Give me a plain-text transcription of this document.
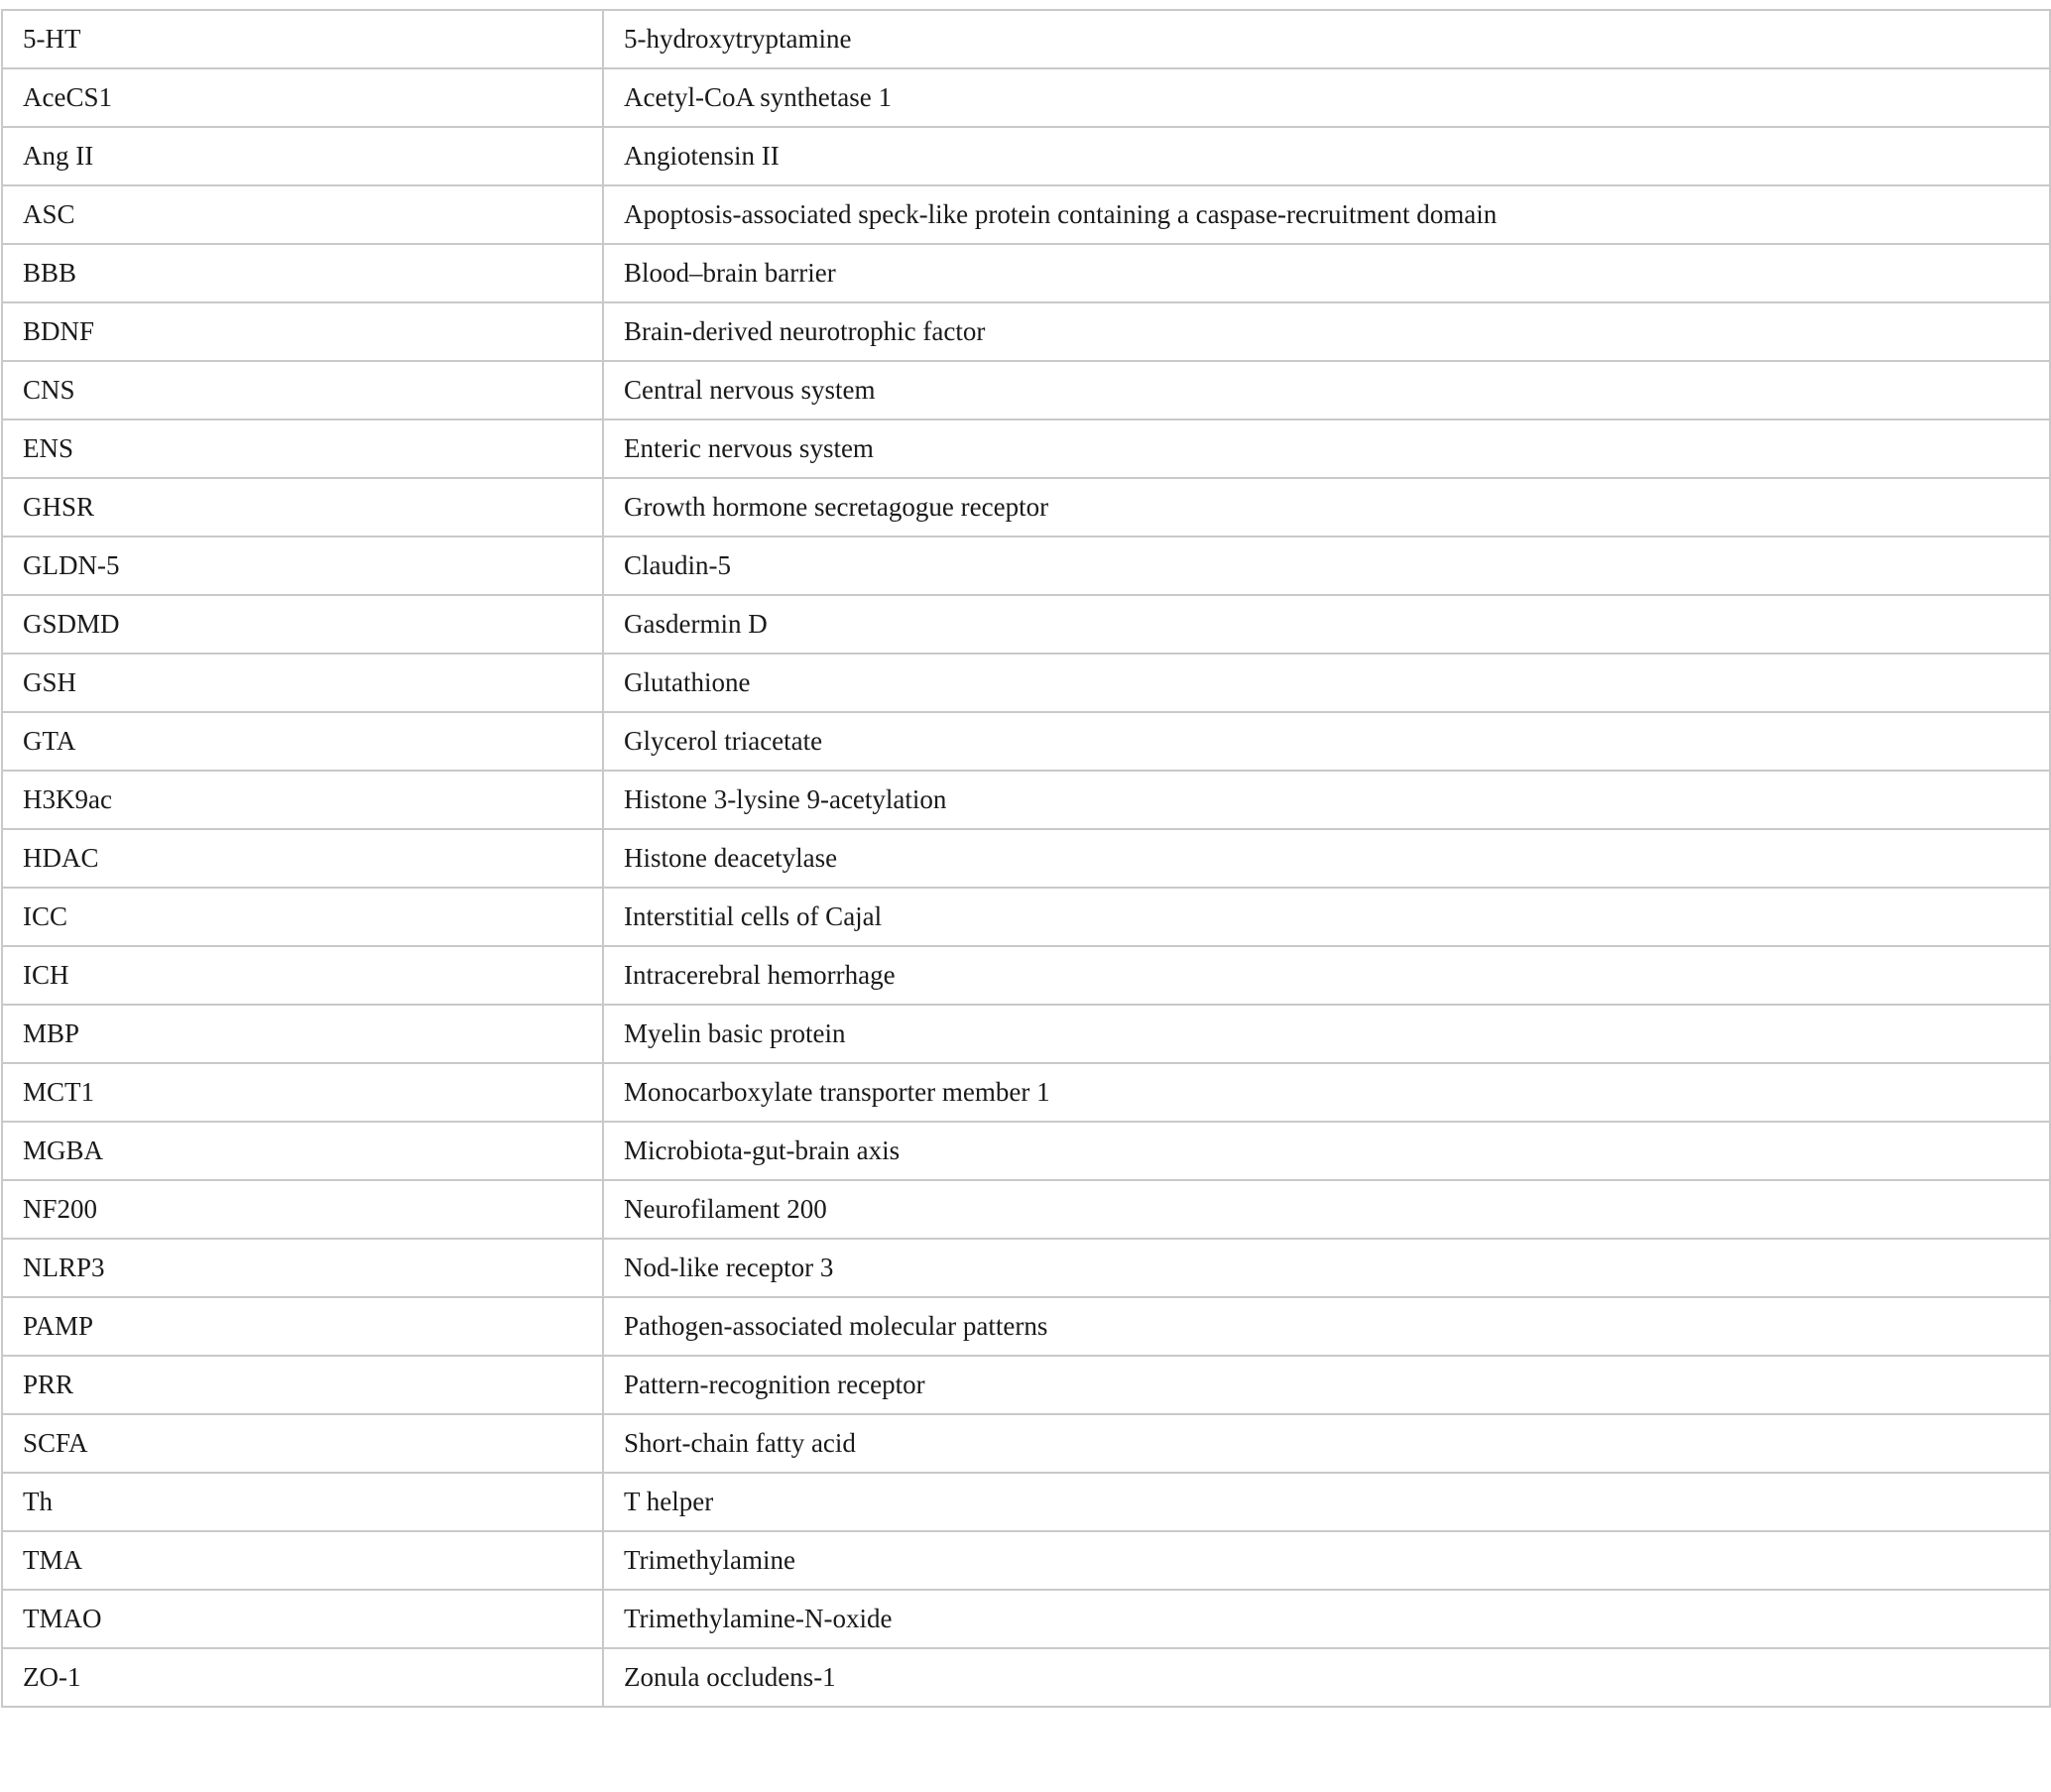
5-HT	5-hydroxytryptamine
AceCS1	Acetyl-CoA synthetase 1
Ang II	Angiotensin II
ASC	Apoptosis-associated speck-like protein containing a caspase-recruitment domain
BBB	Blood–brain barrier
BDNF	Brain-derived neurotrophic factor
CNS	Central nervous system
ENS	Enteric nervous system
GHSR	Growth hormone secretagogue receptor
GLDN-5	Claudin-5
GSDMD	Gasdermin D
GSH	Glutathione
GTA	Glycerol triacetate
H3K9ac	Histone 3-lysine 9-acetylation
HDAC	Histone deacetylase
ICC	Interstitial cells of Cajal
ICH	Intracerebral hemorrhage
MBP	Myelin basic protein
MCT1	Monocarboxylate transporter member 1
MGBA	Microbiota-gut-brain axis
NF200	Neurofilament 200
NLRP3	Nod-like receptor 3
PAMP	Pathogen-associated molecular patterns
PRR	Pattern-recognition receptor
SCFA	Short-chain fatty acid
Th	T helper
TMA	Trimethylamine
TMAO	Trimethylamine-N-oxide
ZO-1	Zonula occludens-1
